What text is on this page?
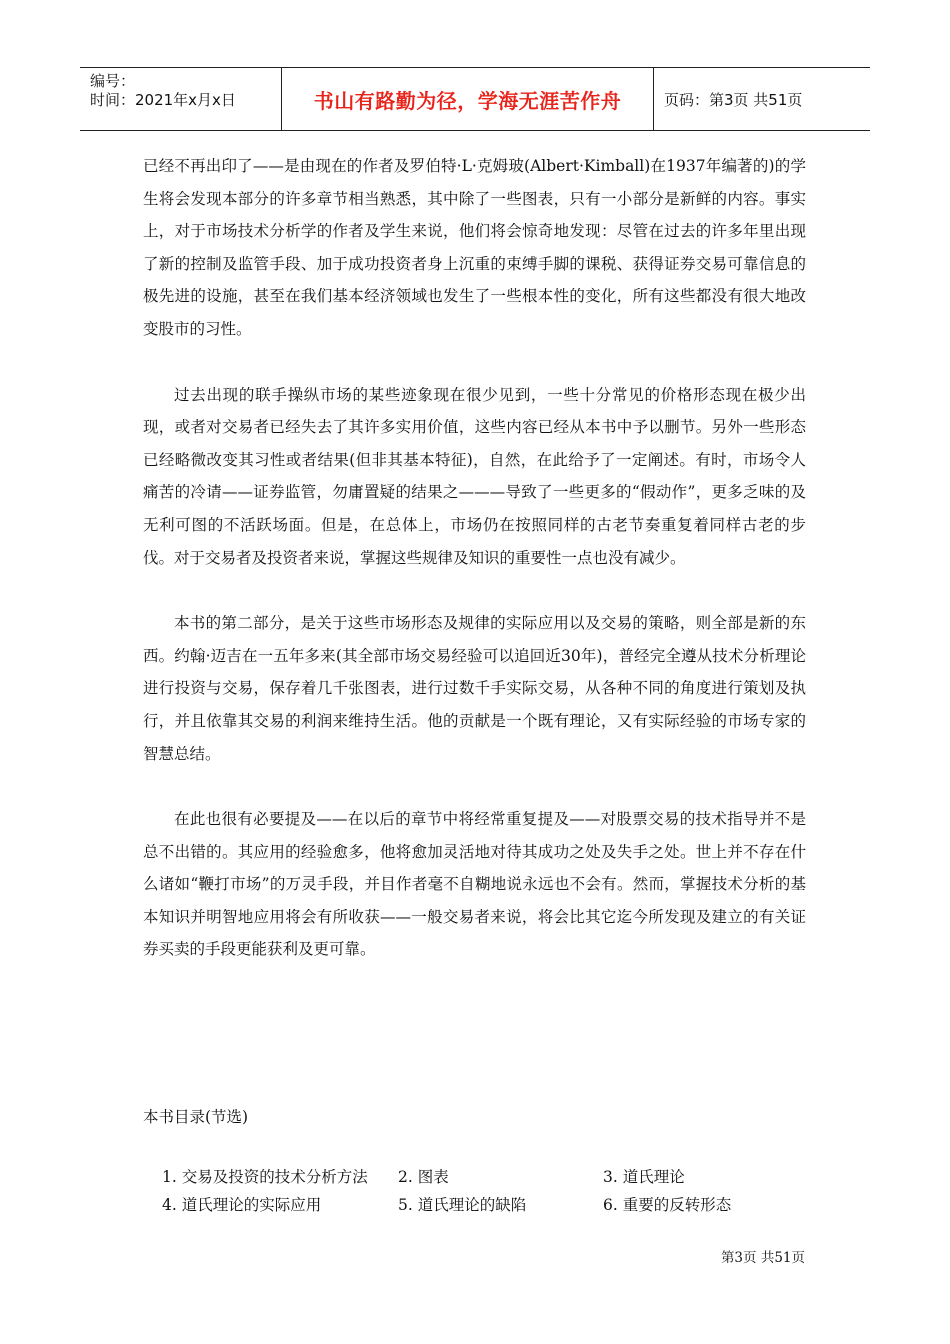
编号：
时间：2021年x月x日	书山有路勤为径，学海无涯苦作舟	页码：第3页 共51页

已经不再出印了——是由现在的作者及罗伯特·L·克姆玻(Albert·Kimball)在1937年编著的)的学生将会发现本部分的许多章节相当熟悉，其中除了一些图表，只有一小部分是新鲜的内容。事实上，对于市场技术分析学的作者及学生来说，他们将会惊奇地发现：尽管在过去的许多年里出现了新的控制及监管手段、加于成功投资者身上沉重的束缚手脚的课税、获得证券交易可靠信息的极先进的设施，甚至在我们基本经济领域也发生了一些根本性的变化，所有这些都没有很大地改变股市的习性。

过去出现的联手操纵市场的某些迹象现在很少见到，一些十分常见的价格形态现在极少出现，或者对交易者已经失去了其许多实用价值，这些内容已经从本书中予以删节。另外一些形态已经略微改变其习性或者结果(但非其基本特征)，自然，在此给予了一定阐述。有时，市场令人痛苦的冷请——证券监管，勿庸置疑的结果之———导致了一些更多的“假动作”，更多乏味的及无利可图的不活跃场面。但是，在总体上，市场仍在按照同样的古老节奏重复着同样古老的步伐。对于交易者及投资者来说，掌握这些规律及知识的重要性一点也没有减少。

本书的第二部分，是关于这些市场形态及规律的实际应用以及交易的策略，则全部是新的东西。约翰·迈吉在一五年多来(其全部市场交易经验可以追回近30年)，普经完全遵从技术分析理论进行投资与交易，保存着几千张图表，进行过数千手实际交易，从各种不同的角度进行策划及执行，并且依靠其交易的利润来维持生活。他的贡献是一个既有理论，又有实际经验的市场专家的智慧总结。

在此也很有必要提及——在以后的章节中将经常重复提及——对股票交易的技术指导并不是总不出错的。其应用的经验愈多，他将愈加灵活地对待其成功之处及失手之处。世上并不存在什么诸如“鞭打市场”的万灵手段，并目作者毫不自糊地说永远也不会有。然而，掌握技术分析的基本知识并明智地应用将会有所收获——一般交易者来说，将会比其它迄今所发现及建立的有关证券买卖的手段更能获利及更可靠。

本书目录(节选)
1. 交易及投资的技术分析方法	2. 图表	3. 道氏理论
4. 道氏理论的实际应用	5. 道氏理论的缺陷	6. 重要的反转形态
第3页 共51页
